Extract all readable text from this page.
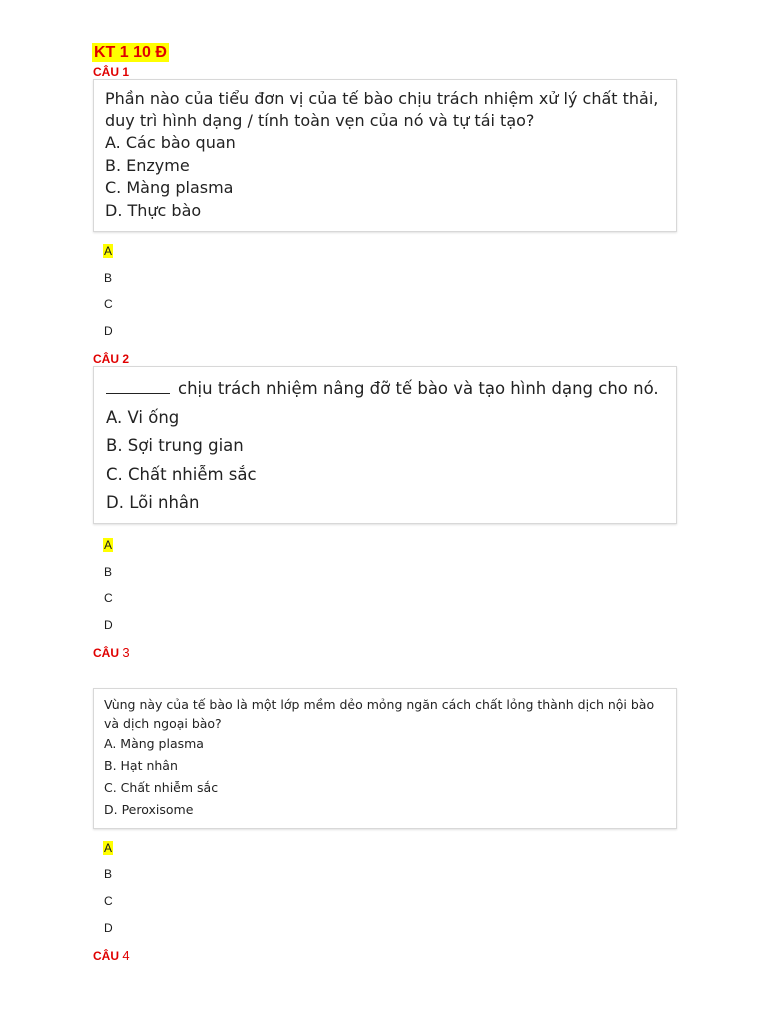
KT 1 10 Đ
CÂU 1
Phần nào của tiểu đơn vị của tế bào chịu trách nhiệm xử lý chất thải, duy trì hình dạng / tính toàn vẹn của nó và tự tái tạo?
A. Các bào quan
B. Enzyme
C. Màng plasma
D. Thực bào
A
B
C
D
CÂU 2
chịu trách nhiệm nâng đỡ tế bào và tạo hình dạng cho nó.
A. Vi ống
B. Sợi trung gian
C. Chất nhiễm sắc
D. Lõi nhân
A
B
C
D
CÂU 3
Vùng này của tế bào là một lớp mềm dẻo mỏng ngăn cách chất lỏng thành dịch nội bào và dịch ngoại bào?
A. Màng plasma
B. Hạt nhân
C. Chất nhiễm sắc
D. Peroxisome
A
B
C
D
CÂU 4
